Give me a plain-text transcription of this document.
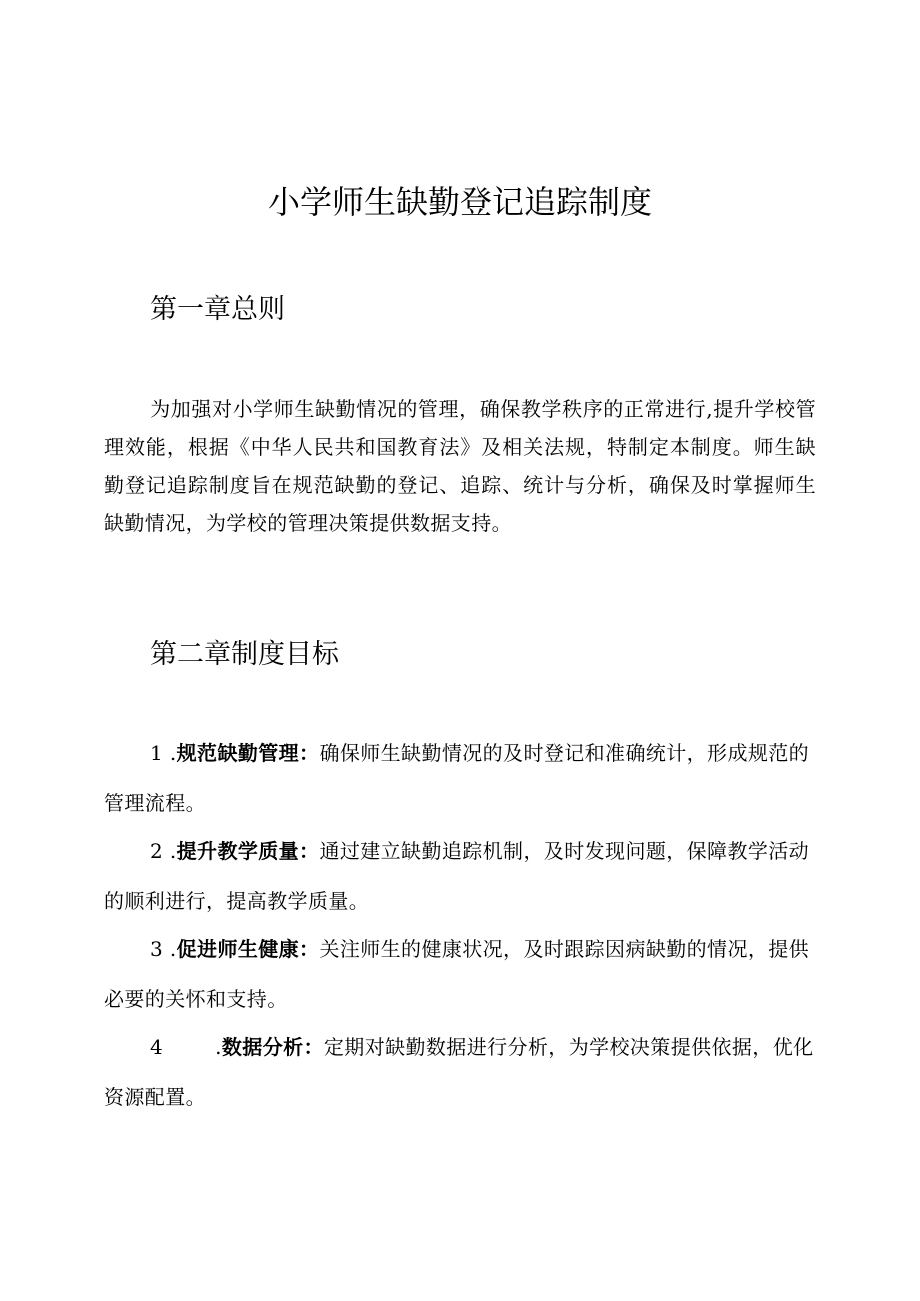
小学师生缺勤登记追踪制度
第一章总则

为加强对小学师生缺勤情况的管理，确保教学秩序的正常进行,提升学校管理效能，根据《中华人民共和国教育法》及相关法规，特制定本制度。师生缺勤登记追踪制度旨在规范缺勤的登记、追踪、统计与分析，确保及时掌握师生缺勤情况，为学校的管理决策提供数据支持。

第二章制度目标

1 .规范缺勤管理：确保师生缺勤情况的及时登记和准确统计，形成规范的管理流程。

2 .提升教学质量：通过建立缺勤追踪机制，及时发现问题，保障教学活动的顺利进行，提高教学质量。

3 .促进师生健康：关注师生的健康状况，及时跟踪因病缺勤的情况，提供必要的关怀和支持。

4	.数据分析：定期对缺勤数据进行分析，为学校决策提供依据，优化资源配置。
